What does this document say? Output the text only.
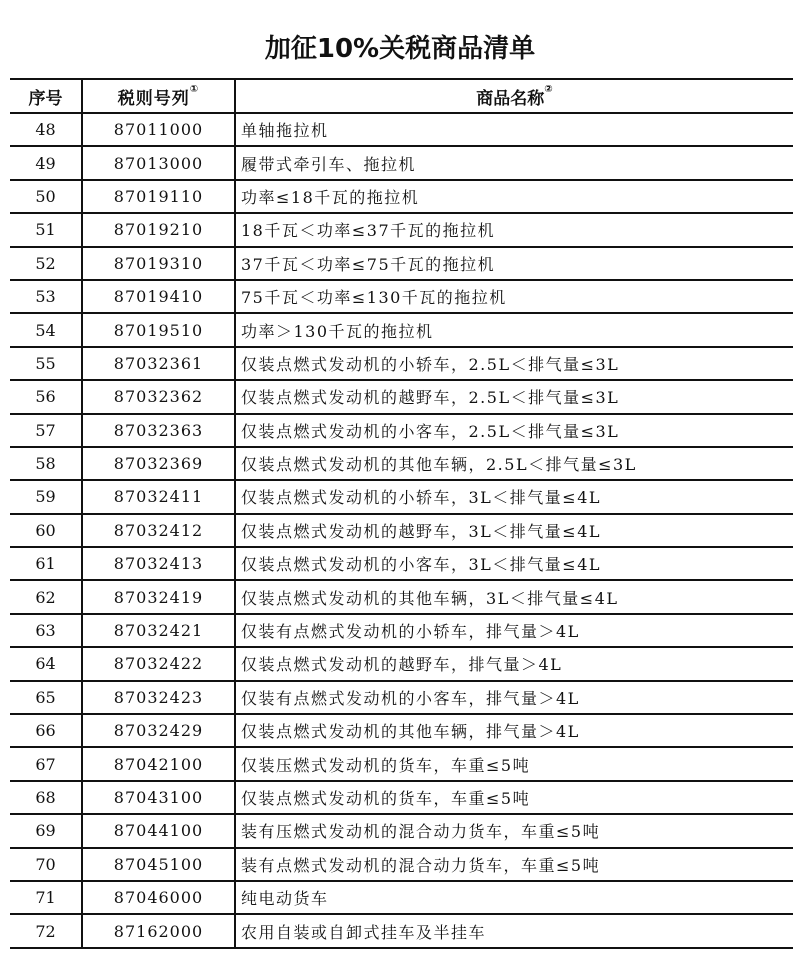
加征10%关税商品清单
序号	税则号列①	商品名称②
48	87011000	单轴拖拉机
49	87013000	履带式牵引车、拖拉机
50	87019110	功率≤18千瓦的拖拉机
51	87019210	18千瓦＜功率≤37千瓦的拖拉机
52	87019310	37千瓦＜功率≤75千瓦的拖拉机
53	87019410	75千瓦＜功率≤130千瓦的拖拉机
54	87019510	功率＞130千瓦的拖拉机
55	87032361	仅装点燃式发动机的小轿车，2.5L＜排气量≤3L
56	87032362	仅装点燃式发动机的越野车，2.5L＜排气量≤3L
57	87032363	仅装点燃式发动机的小客车，2.5L＜排气量≤3L
58	87032369	仅装点燃式发动机的其他车辆，2.5L＜排气量≤3L
59	87032411	仅装点燃式发动机的小轿车，3L＜排气量≤4L
60	87032412	仅装点燃式发动机的越野车，3L＜排气量≤4L
61	87032413	仅装点燃式发动机的小客车，3L＜排气量≤4L
62	87032419	仅装点燃式发动机的其他车辆，3L＜排气量≤4L
63	87032421	仅装有点燃式发动机的小轿车，排气量＞4L
64	87032422	仅装点燃式发动机的越野车，排气量＞4L
65	87032423	仅装有点燃式发动机的小客车，排气量＞4L
66	87032429	仅装点燃式发动机的其他车辆，排气量＞4L
67	87042100	仅装压燃式发动机的货车，车重≤5吨
68	87043100	仅装点燃式发动机的货车，车重≤5吨
69	87044100	装有压燃式发动机的混合动力货车，车重≤5吨
70	87045100	装有点燃式发动机的混合动力货车，车重≤5吨
71	87046000	纯电动货车
72	87162000	农用自装或自卸式挂车及半挂车
